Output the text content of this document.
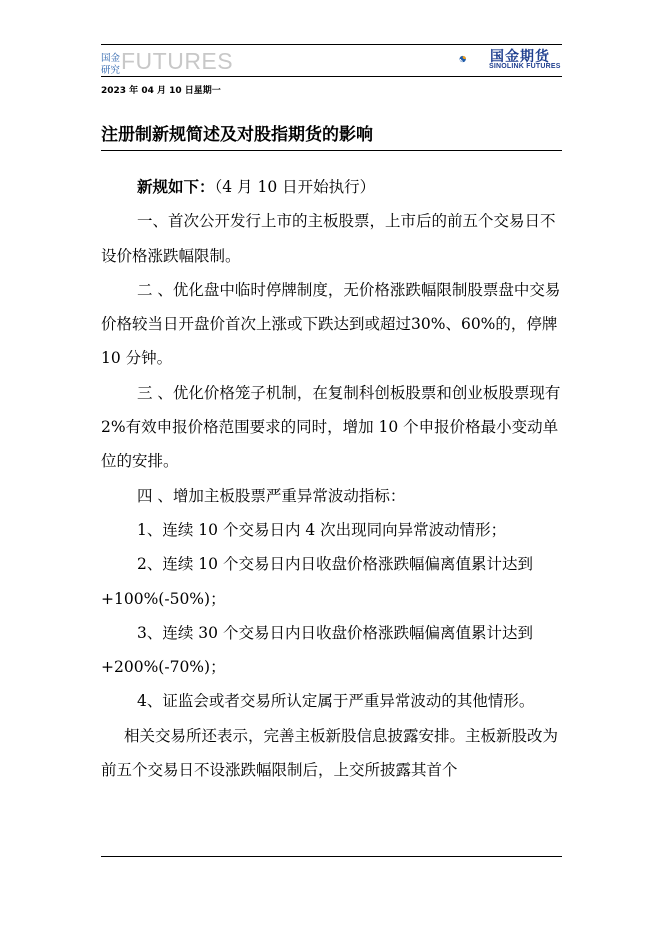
国金
研究 FUTURES	国金期货
SINOLINK FUTURES
2023 年 04 月 10 日星期一
注册制新规简述及对股指期货的影响

新规如下：（4 月 10 日开始执行）

一、首次公开发行上市的主板股票，上市后的前五个交易日不设价格涨跌幅限制。

二 、优化盘中临时停牌制度，无价格涨跌幅限制股票盘中交易价格较当日开盘价首次上涨或下跌达到或超过30%、60%的，停牌 10 分钟。

三 、优化价格笼子机制，在复制科创板股票和创业板股票现有 2%有效申报价格范围要求的同时，增加 10 个申报价格最小变动单位的安排。

四 、增加主板股票严重异常波动指标：

1、连续 10 个交易日内 4 次出现同向异常波动情形；

2、连续 10 个交易日内日收盘价格涨跌幅偏离值累计达到+100%(-50%)；

3、连续 30 个交易日内日收盘价格涨跌幅偏离值累计达到+200%(-70%)；

4、证监会或者交易所认定属于严重异常波动的其他情形。

相关交易所还表示，完善主板新股信息披露安排。主板新股改为前五个交易日不设涨跌幅限制后，上交所披露其首个
